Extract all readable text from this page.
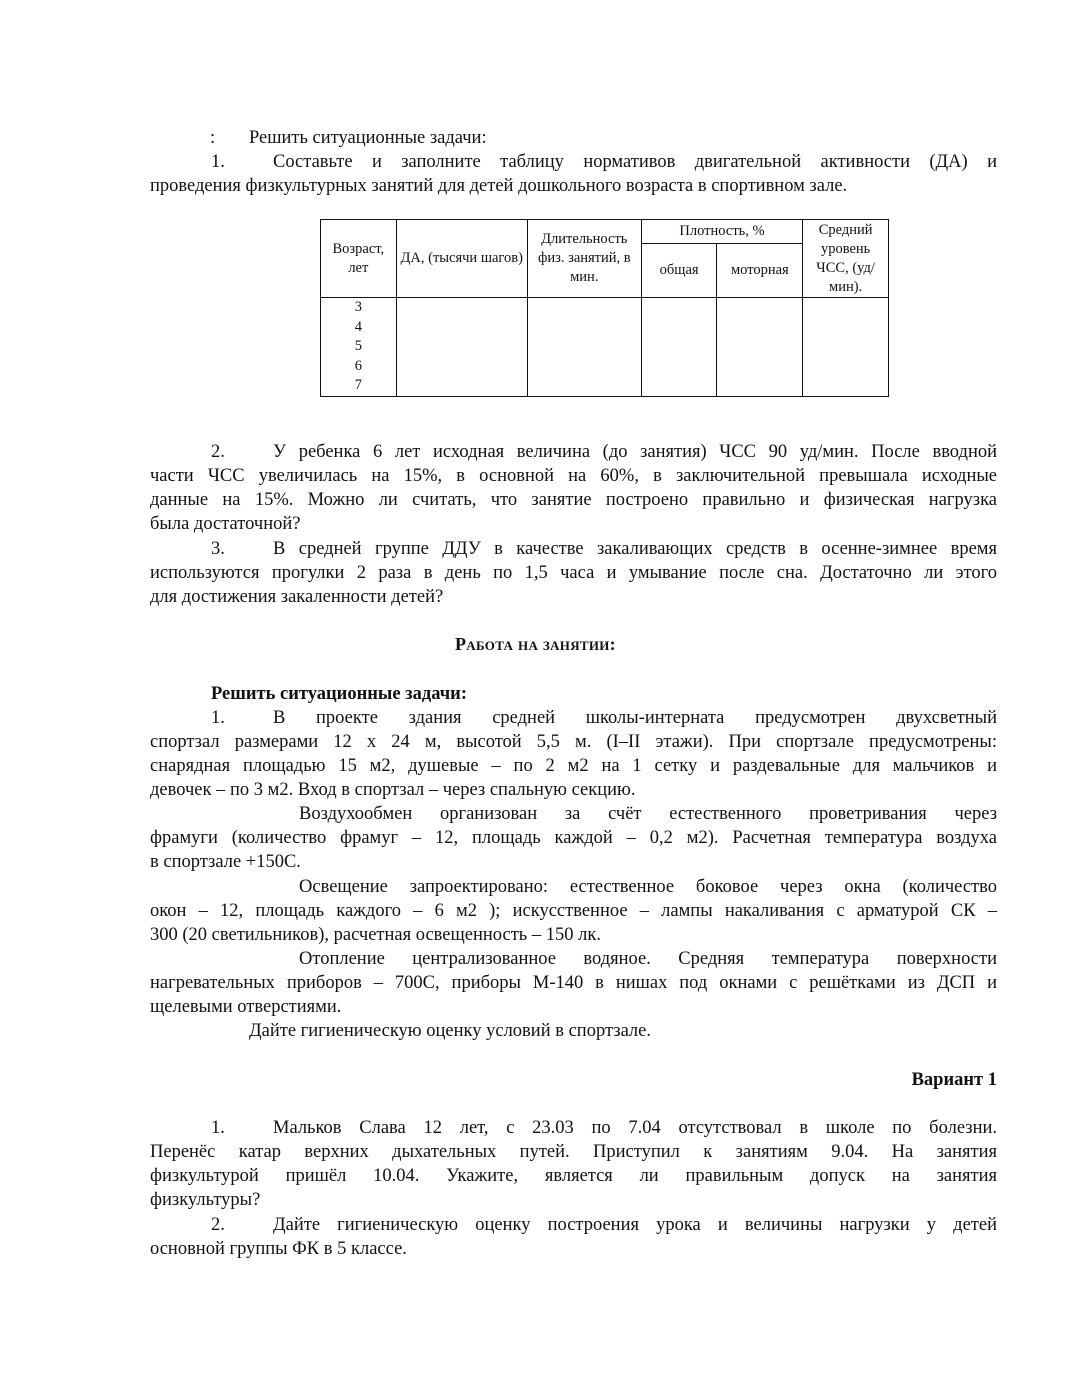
: Решить ситуационные задачи:
1.	Составьте и заполните таблицу нормативов двигательной активности (ДА) и
проведения физкультурных занятий для детей дошкольного возраста в спортивном зале.
Возраст, лет	ДА, (тысячи шагов)	Длительность физ. занятий, в мин.	Плотность, %		Средний уровень ЧСС, (уд/мин).
			общая	моторная	

3
4
5
6
7					

2.	У ребенка 6 лет исходная величина (до занятия) ЧСС 90 уд/мин. После вводной
части ЧСС увеличилась на 15%, в основной на 60%, в заключительной превышала исходные
данные на 15%. Можно ли считать, что занятие построено правильно и физическая нагрузка
была достаточной?
3.	В средней группе ДДУ в качестве закаливающих средств в осенне-зимнее время
используются прогулки 2 раза в день по 1,5 часа и умывание после сна. Достаточно ли этого
для достижения закаленности детей?
Работа на занятии:
Решить ситуационные задачи:
1.	В проекте здания средней школы-интерната предусмотрен двухсветный
спортзал размерами 12 х 24 м, высотой 5,5 м. (I–II этажи). При спортзале предусмотрены:
снарядная площадью 15 м2, душевые – по 2 м2 на 1 сетку и раздевальные для мальчиков и
девочек – по 3 м2. Вход в спортзал – через спальную секцию.
Воздухообмен организован за счёт естественного проветривания через
фрамуги (количество фрамуг – 12, площадь каждой – 0,2 м2). Расчетная температура воздуха
в спортзале +150С.
Освещение запроектировано: естественное боковое через окна (количество
окон – 12, площадь каждого – 6 м2 ); искусственное – лампы накаливания с арматурой СК –
300 (20 светильников), расчетная освещенность – 150 лк.
Отопление централизованное водяное. Средняя температура поверхности
нагревательных приборов – 700С, приборы М-140 в нишах под окнами с решётками из ДСП и
щелевыми отверстиями.
Дайте гигиеническую оценку условий в спортзале.
Вариант 1
1.	Мальков Слава 12 лет, с 23.03 по 7.04 отсутствовал в школе по болезни.
Перенёс катар верхних дыхательных путей. Приступил к занятиям 9.04. На занятия
физкультурой пришёл 10.04. Укажите, является ли правильным допуск на занятия
физкультуры?
2.	Дайте гигиеническую оценку построения урока и величины нагрузки у детей
основной группы ФК в 5 классе.
